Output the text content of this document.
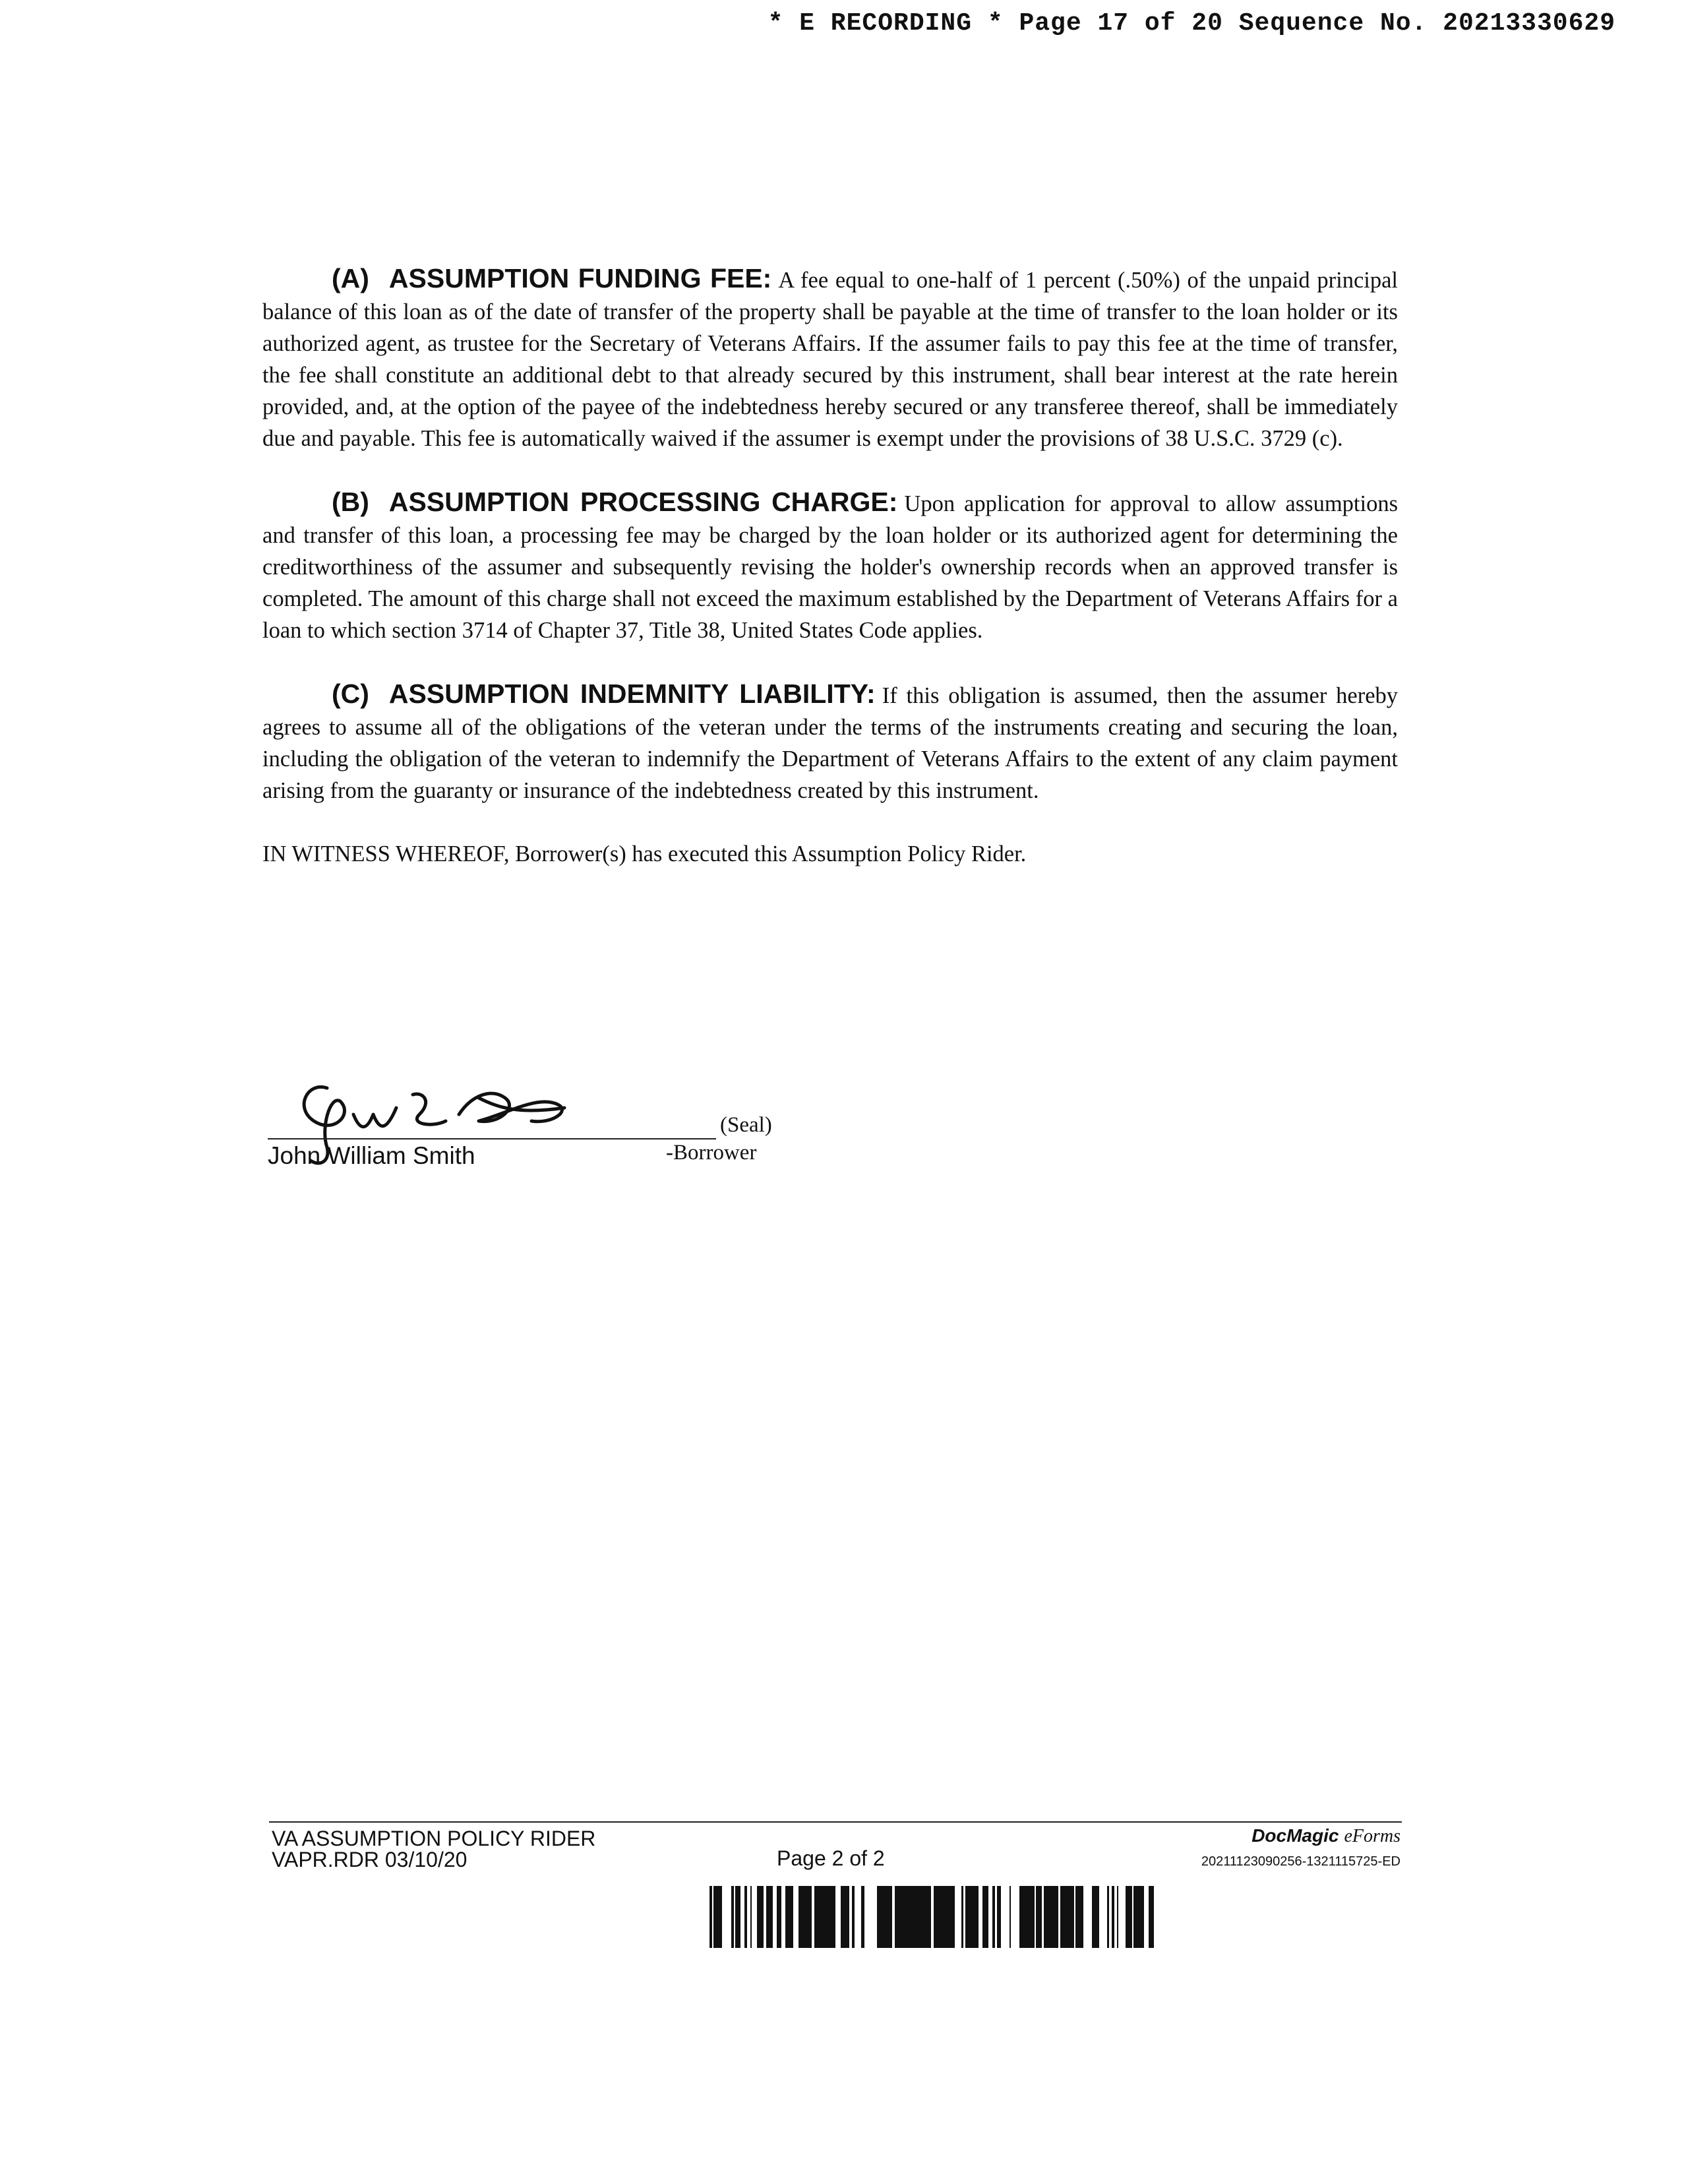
* E RECORDING * Page 17 of 20 Sequence No. 20213330629

(A) ASSUMPTION FUNDING FEE: A fee equal to one-half of 1 percent (.50%) of the unpaid principal balance of this loan as of the date of transfer of the property shall be payable at the time of transfer to the loan holder or its authorized agent, as trustee for the Secretary of Veterans Affairs. If the assumer fails to pay this fee at the time of transfer, the fee shall constitute an additional debt to that already secured by this instrument, shall bear interest at the rate herein provided, and, at the option of the payee of the indebtedness hereby secured or any transferee thereof, shall be immediately due and payable. This fee is automatically waived if the assumer is exempt under the provisions of 38 U.S.C. 3729 (c).

(B) ASSUMPTION PROCESSING CHARGE: Upon application for approval to allow assumptions and transfer of this loan, a processing fee may be charged by the loan holder or its authorized agent for determining the creditworthiness of the assumer and subsequently revising the holder's ownership records when an approved transfer is completed. The amount of this charge shall not exceed the maximum established by the Department of Veterans Affairs for a loan to which section 3714 of Chapter 37, Title 38, United States Code applies.

(C) ASSUMPTION INDEMNITY LIABILITY: If this obligation is assumed, then the assumer hereby agrees to assume all of the obligations of the veteran under the terms of the instruments creating and securing the loan, including the obligation of the veteran to indemnify the Department of Veterans Affairs to the extent of any claim payment arising from the guaranty or insurance of the indebtedness created by this instrument.

IN WITNESS WHEREOF, Borrower(s) has executed this Assumption Policy Rider.

(Seal)
John William Smith	-Borrower
VA ASSUMPTION POLICY RIDER
VAPR.RDR 03/10/20	Page 2 of 2
DocMagic eForms
20211123090256-1321115725-ED
